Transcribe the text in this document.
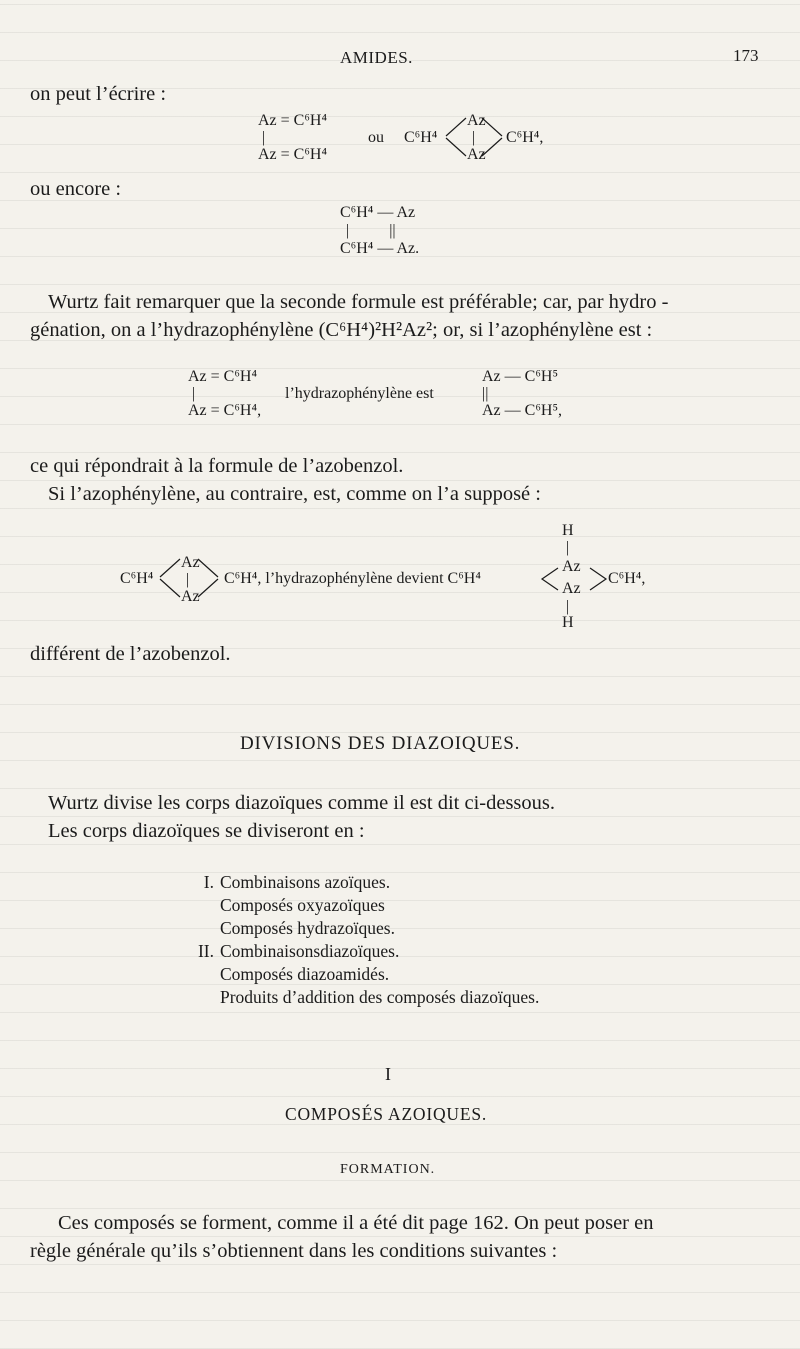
AMIDES.	173
on peut l’écrire :
Az = C⁶H⁴
|
Az = C⁶H⁴
ou C⁶H⁴
Az
|
Az
C⁶H⁴,
ou encore :
C⁶H⁴ — Az
|          ||
C⁶H⁴ — Az.
Wurtz fait remarquer que la seconde formule est préférable; car, par hydro -
génation, on a l’hydrazophénylène (C⁶H⁴)²H²Az²; or, si l’azophénylène est :
Az = C⁶H⁴
|
Az = C⁶H⁴,
l’hydrazophénylène est	||
Az — C⁶H⁵
Az — C⁶H⁵,
ce qui répondrait à la formule de l’azobenzol.
Si l’azophénylène, au contraire, est, comme on l’a supposé :
C⁶H⁴
Az
|
Az
C⁶H⁴, l’hydrazophénylène devient C⁶H⁴
H
|
Az
Az
|
H
C⁶H⁴,
différent de l’azobenzol.
DIVISIONS DES DIAZOIQUES.
Wurtz divise les corps diazoïques comme il est dit ci-dessous.
Les corps diazoïques se diviseront en :
I. Combinaisons azoïques.
Composés oxyazoïques
Composés hydrazoïques.
II. Combinaisonsdiazoïques.
Composés diazoamidés.
Produits d’addition des composés diazoïques.
I
COMPOSÉS AZOIQUES.
FORMATION.
Ces composés se forment, comme il a été dit page 162. On peut poser en
règle générale qu’ils s’obtiennent dans les conditions suivantes :
